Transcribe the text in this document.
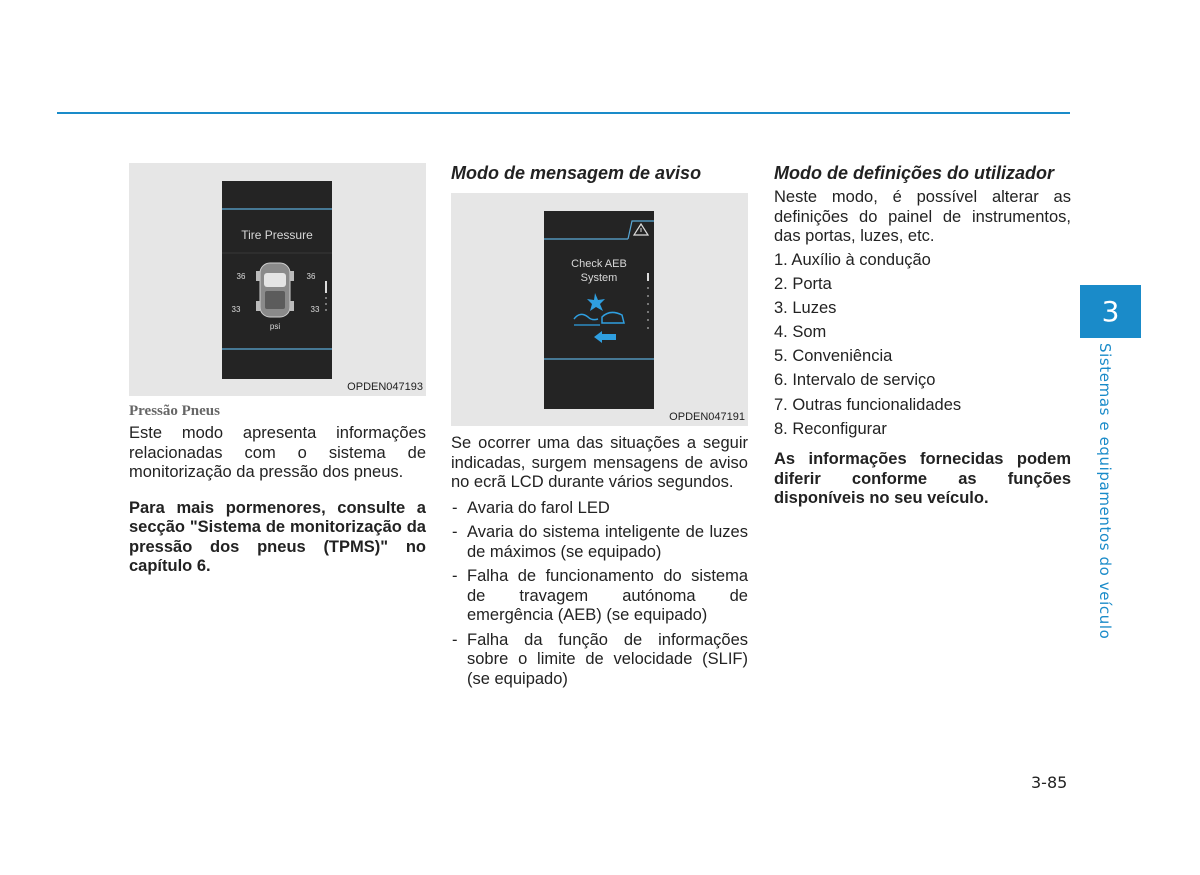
Tire Pressure
36	36
33	33
psi
OPDEN047193
Pressão Pneus

Este modo apresenta informações relacionadas com o sistema de monitorização da pressão dos pneus.

Para mais pormenores, consulte a secção "Sistema de monitorização da pressão dos pneus (TPMS)" no capítulo 6.

Modo de mensagem de aviso
Check AEB
System
OPDEN047191

Se ocorrer uma das situações a seguir indicadas, surgem mensagens de aviso no ecrã LCD durante vários segundos.

- Avaria do farol LED
- Avaria do sistema inteligente de luzes de máximos (se equipado)
- Falha de funcionamento do sistema de travagem autónoma de emergência (AEB) (se equipado)
- Falha da função de informações sobre o limite de velocidade (SLIF) (se equipado)
Modo de definições do utilizador

Neste modo, é possível alterar as definições do painel de instrumentos, das portas, luzes, etc.

1. Auxílio à condução
2. Porta
3. Luzes
4. Som
5. Conveniência
6. Intervalo de serviço
7. Outras funcionalidades
8. Reconfigurar

As informações fornecidas podem diferir conforme as funções disponíveis no seu veículo.

3
Sistemas e equipamentos do veículo
3-85
